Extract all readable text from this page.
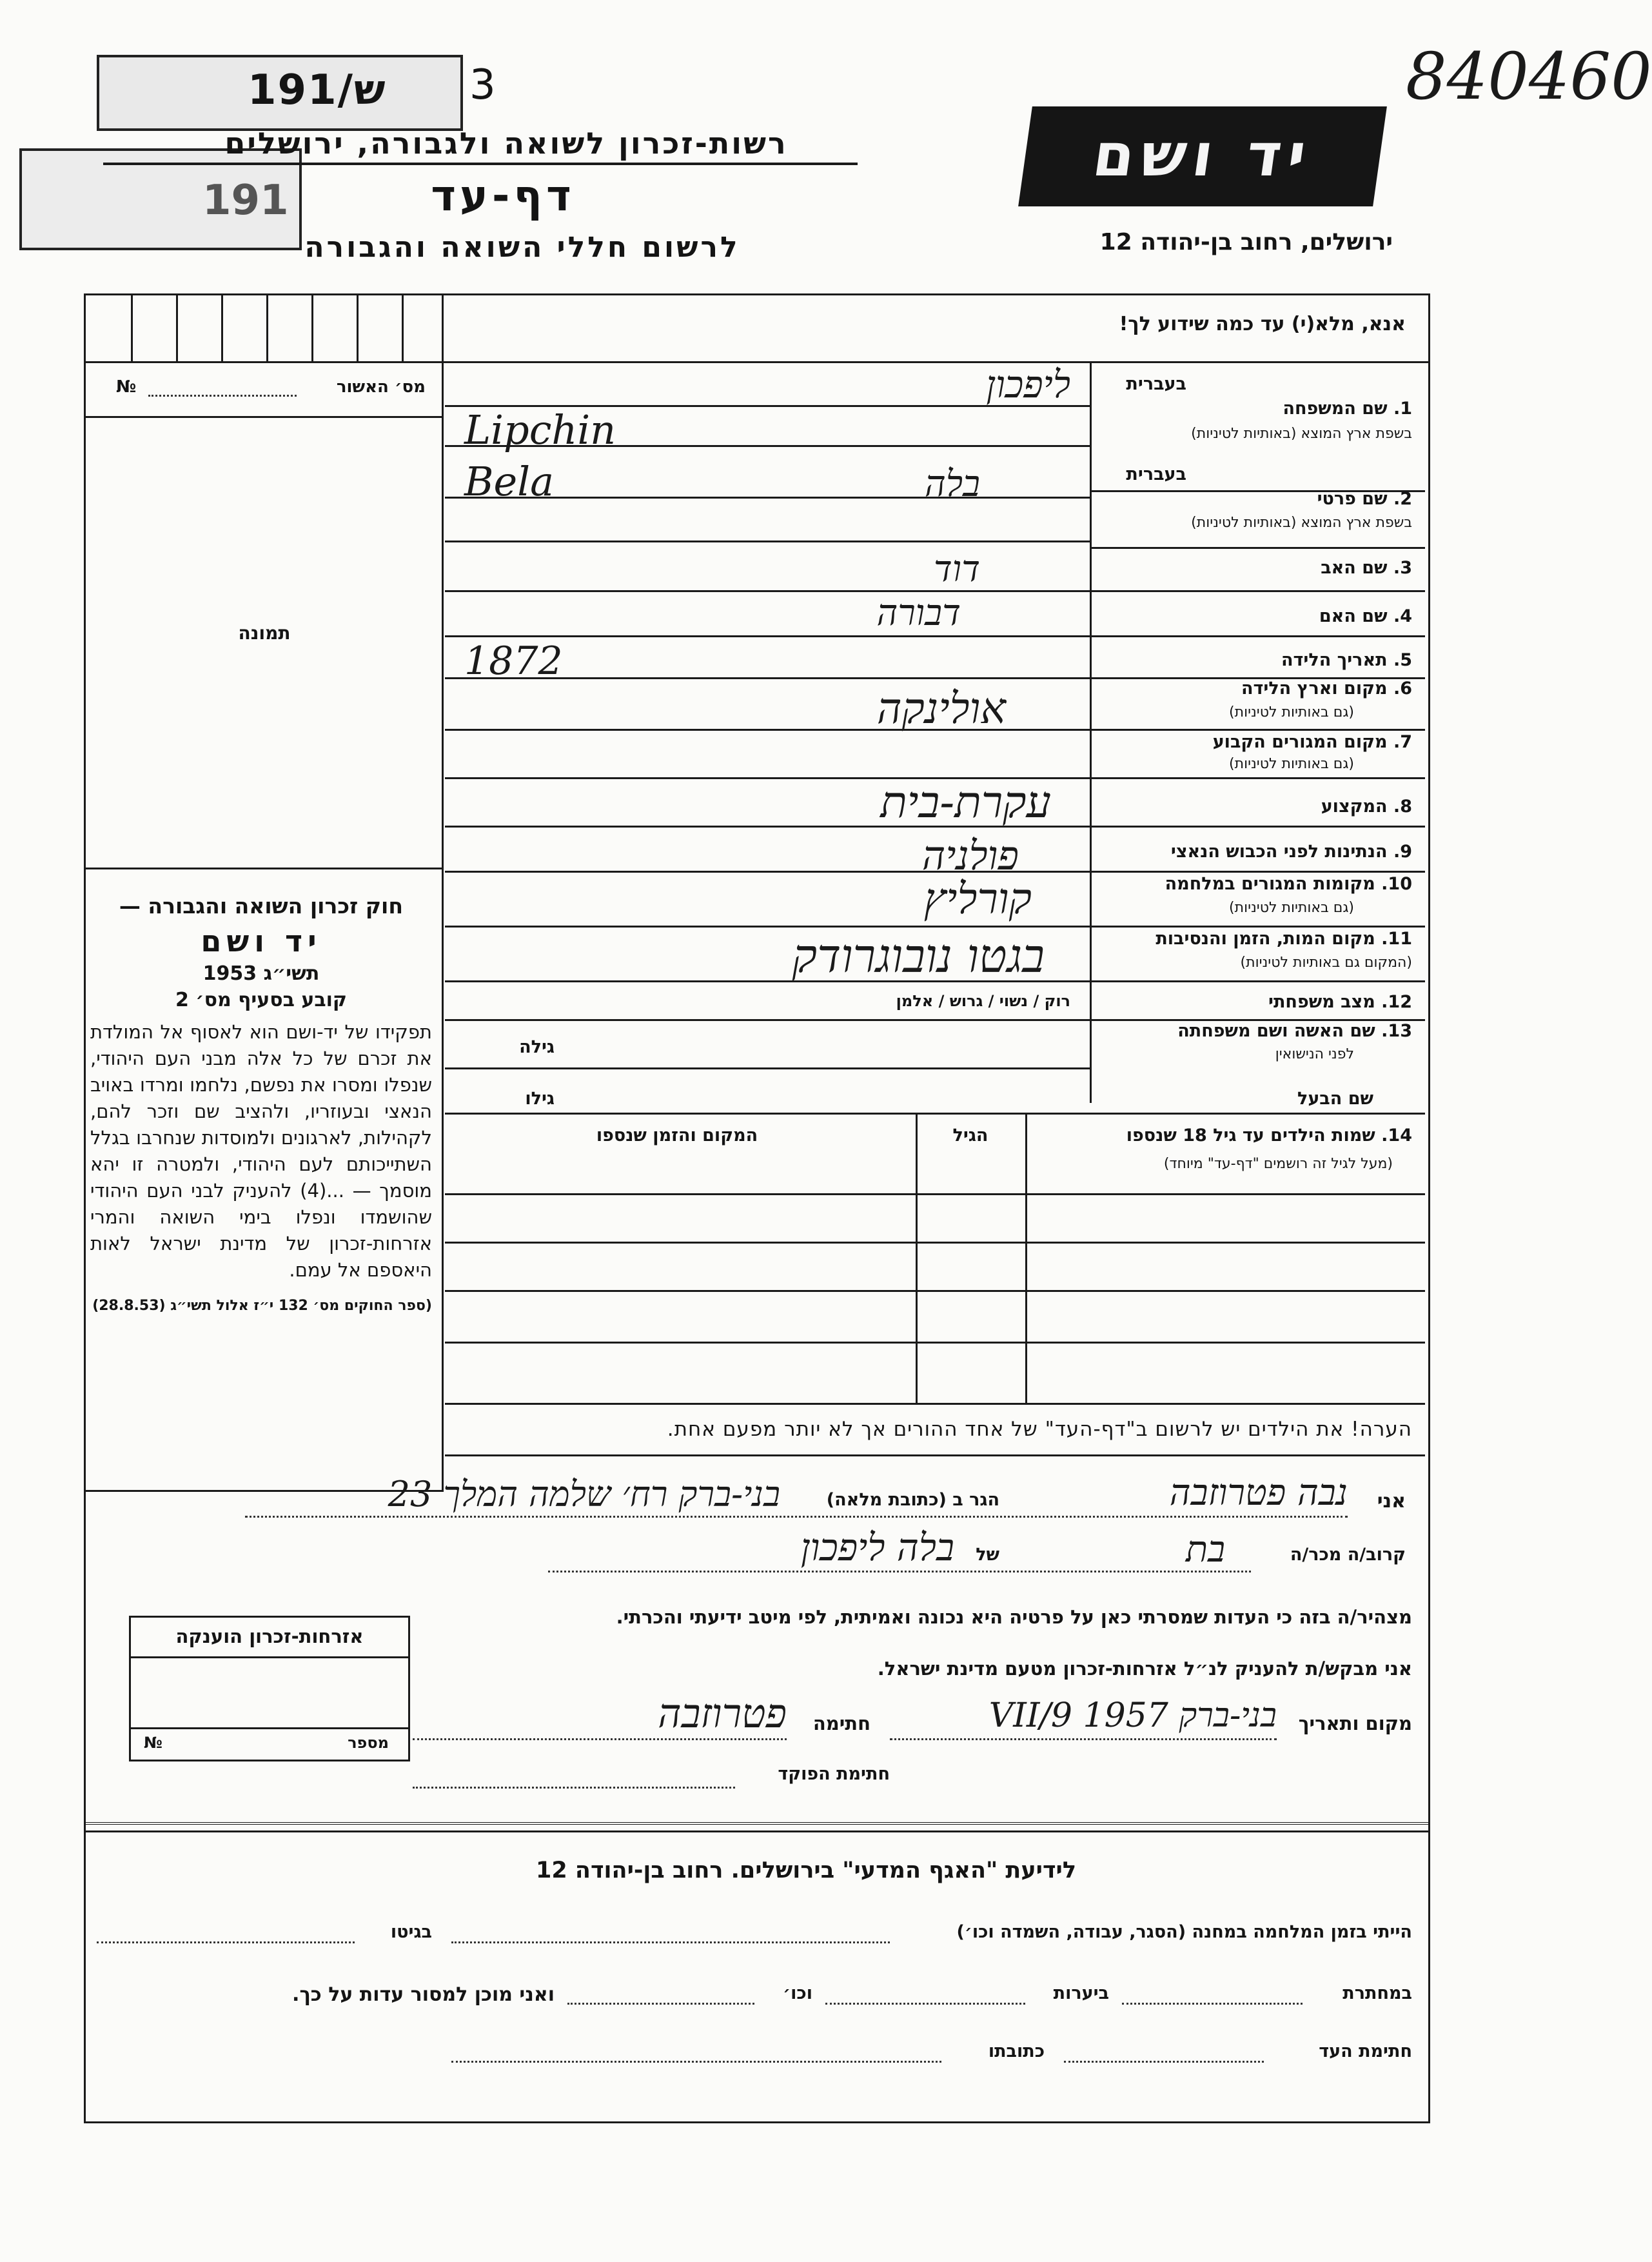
191/ש 3
191
840460
רשות-זכרון לשואה ולגבורה, ירושלים
דף-עד
לרשום חללי השואה והגבורה
יד ושם
ירושלים, רחוב בן-יהודה 12
אנא, מלא(י) עד כמה שידוע לך!
מס׳ האשור
№
תמונה
חוק זכרון השואה והגבורה —
יד ושם
תשי״ג 1953
קובע בסעיף מס׳ 2
תפקידו של יד-ושם הוא לאסוף אל המולדת את זכרם של כל אלה מבני העם היהודי, שנפלו ומסרו את נפשם, נלחמו ומרדו באויב הנאצי ובעוזריו, ולהציב שם וזכר להם, לקהילות, לארגונים ולמוסדות שנחרבו בגלל השתייכותם לעם היהודי, ולמטרה זו יהא מוסמך — ...(4) להעניק לבני העם היהודי שהושמדו ונפלו בימי השואה והמרי אזרחות-זכרון של מדינת ישראל לאות היאספם אל עמם.
(ספר החוקים מס׳ 132 י״ז אלול תשי״ג (28.8.53)
בעברית
1. שם המשפחה
בשפת ארץ המוצא (באותיות לטיניות)
בעברית
2. שם פרטי
בשפת ארץ המוצא (באותיות לטיניות)
3. שם האב
4. שם האם
5. תאריך הלידה
6. מקום וארץ הלידה
(גם באותיות לטיניות)
7. מקום המגורים הקבוע
(גם באותיות לטיניות)
8. המקצוע
9. הנתינות לפני הכבוש הנאצי
10. מקומות המגורים במלחמה
(גם באותיות לטיניות)
11. מקום המות, הזמן והנסיבות
(המקום גם באותיות לטיניות)
12. מצב משפחתי
13. שם האשה ושם משפחתה
לפני הנישואין
שם הבעל
ליפכון
Lipchin
בלה
Bela
דוד
דבורה
1872
אולינקה
עקרת-בית
פולניה
קורליץ
בגטו נובוגרודק
רוק / נשוי / גרוש / אלמן
גילה
גילו
14. שמות הילדים עד גיל 18 שנספו
(מעל לגיל זה רושמים "דף-עד" מיוחד)
הגיל
המקום והזמן שנספו
הערה! את הילדים יש לרשום ב"דף-העד" של אחד ההורים אך לא יותר מפעם אחת.
אני
נבה פטרוזבה
הגר ב (כתובת מלאה)
בני-ברק רח׳ שלמה המלך 23
קרוב/ה מכר/ה
בת
של
בלה ליפכון
מצהיר/ה בזה כי העדות שמסרתי כאן על פרטיה היא נכונה ואמיתית, לפי מיטב ידיעתי והכרתי.
אני מבקש/ת להעניק לנ״ל אזרחות-זכרון מטעם מדינת ישראל.
מקום ותאריך
בני-ברק 1957 9/VII
חתימה
פטרוזבה
חתימת הפוקד
אזרחות-זכרון הוענקה
מספר
№
לידיעת "האגף המדעי" בירושלים. רחוב בן-יהודה 12
הייתי בזמן המלחמה במחנה (הסגר, עבודה, השמדה וכו׳)
בגיטו
במחתרת
ביערות
וכו׳
ואני מוכן למסור עדות על כך.
חתימת העד
כתובתו
